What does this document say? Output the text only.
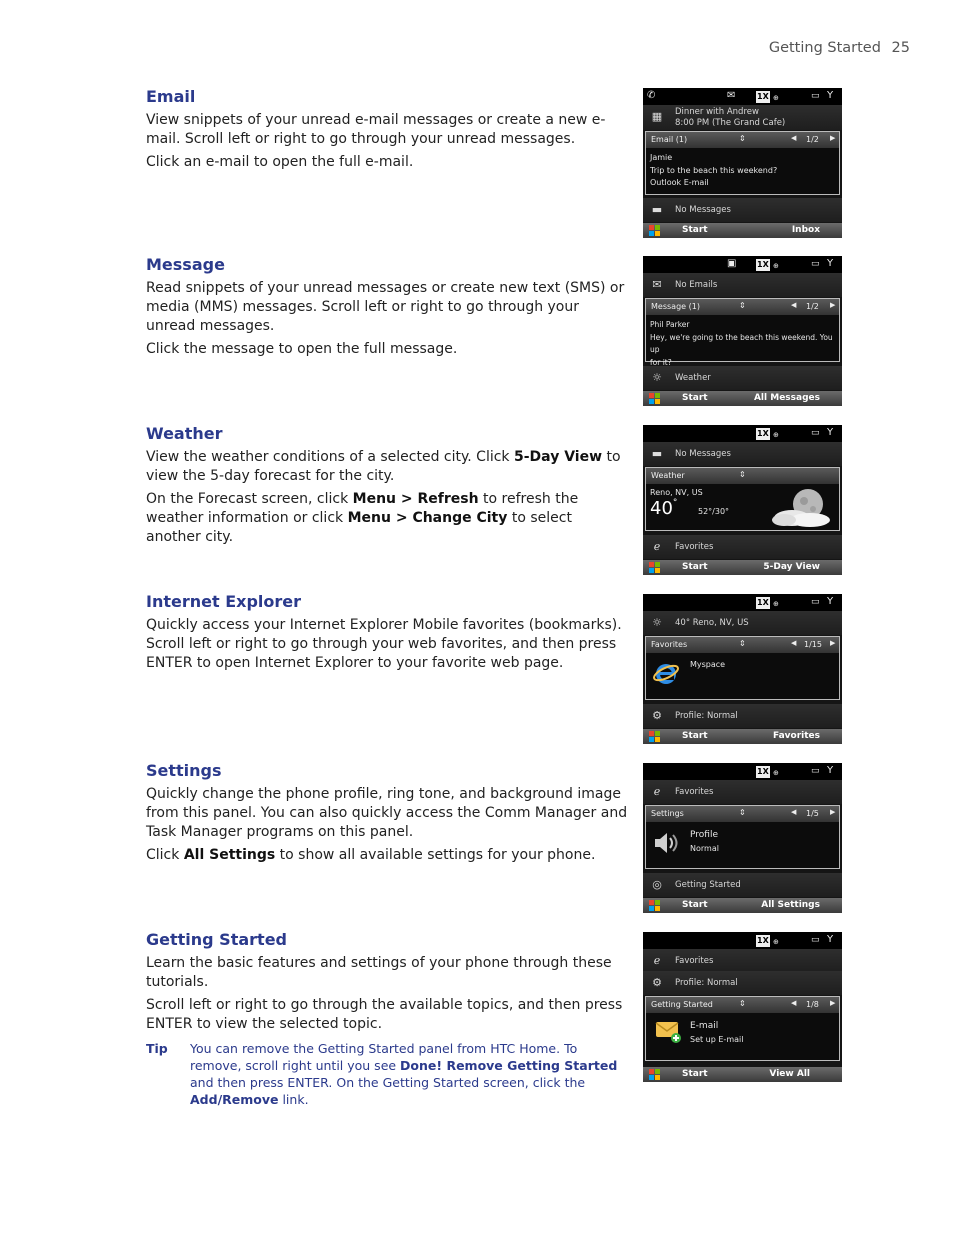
Getting Started 25
Email

View snippets of your unread e-mail messages or create a new e-mail. Scroll left or right to go through your unread messages.

Click an e-mail to open the full e-mail.

Message

Read snippets of your unread messages or create new text (SMS) or media (MMS) messages. Scroll left or right to go through your unread messages.

Click the message to open the full message.

Weather

View the weather conditions of a selected city. Click 5-Day View to view the 5-day forecast for the city.

On the Forecast screen, click Menu > Refresh to refresh the weather information or click Menu > Change City to select another city.

Internet Explorer

Quickly access your Internet Explorer Mobile favorites (bookmarks). Scroll left or right to go through your web favorites, and then press ENTER to open Internet Explorer to your favorite web page.

Settings

Quickly change the phone profile, ring tone, and background image from this panel. You can also quickly access the Comm Manager and Task Manager programs on this panel.

Click All Settings to show all available settings for your phone.

Getting Started

Learn the basic features and settings of your phone through these tutorials.

Scroll left or right to go through the available topics, and then press ENTER to view the selected topic.

Tip	You can remove the Getting Started panel from HTC Home. To remove, scroll right until you see Done! Remove Getting Started and then press ENTER. On the Getting Started screen, click the Add/Remove link.
✆	✉	1X ⊕	▭ Y
▦ Dinner with Andrew
8:00 PM (The Grand Cafe)
Email (1)	⇕	◀ 1/2 ▶
Jamie
Trip to the beach this weekend?
Outlook E-mail
▬ No Messages
Start	Inbox
▣	1X ⊕	▭ Y
✉ No Emails
Message (1)	⇕	◀ 1/2 ▶
Phil Parker
Hey, we're going to the beach this weekend. You up
for it?
☼ Weather
Start	All Messages
1X ⊕	▭ Y
▬ No Messages
Weather	⇕
Reno, NV, US
40°
52°/30°
ℯ	Favorites
Start	5-Day View
1X ⊕	▭ Y
☼ 40° Reno, NV, US
Favorites	⇕	◀ 1/15 ▶
Myspace
⚙ Profile: Normal
Start	Favorites
1X ⊕	▭ Y
ℯ	Favorites
Settings	⇕	◀ 1/5 ▶
Profile
Normal
◎ Getting Started
Start	All Settings
1X ⊕	▭ Y
ℯ	Favorites
⚙ Profile: Normal
Getting Started	⇕	◀ 1/8 ▶
E-mail
Set up E-mail
Start	View All
